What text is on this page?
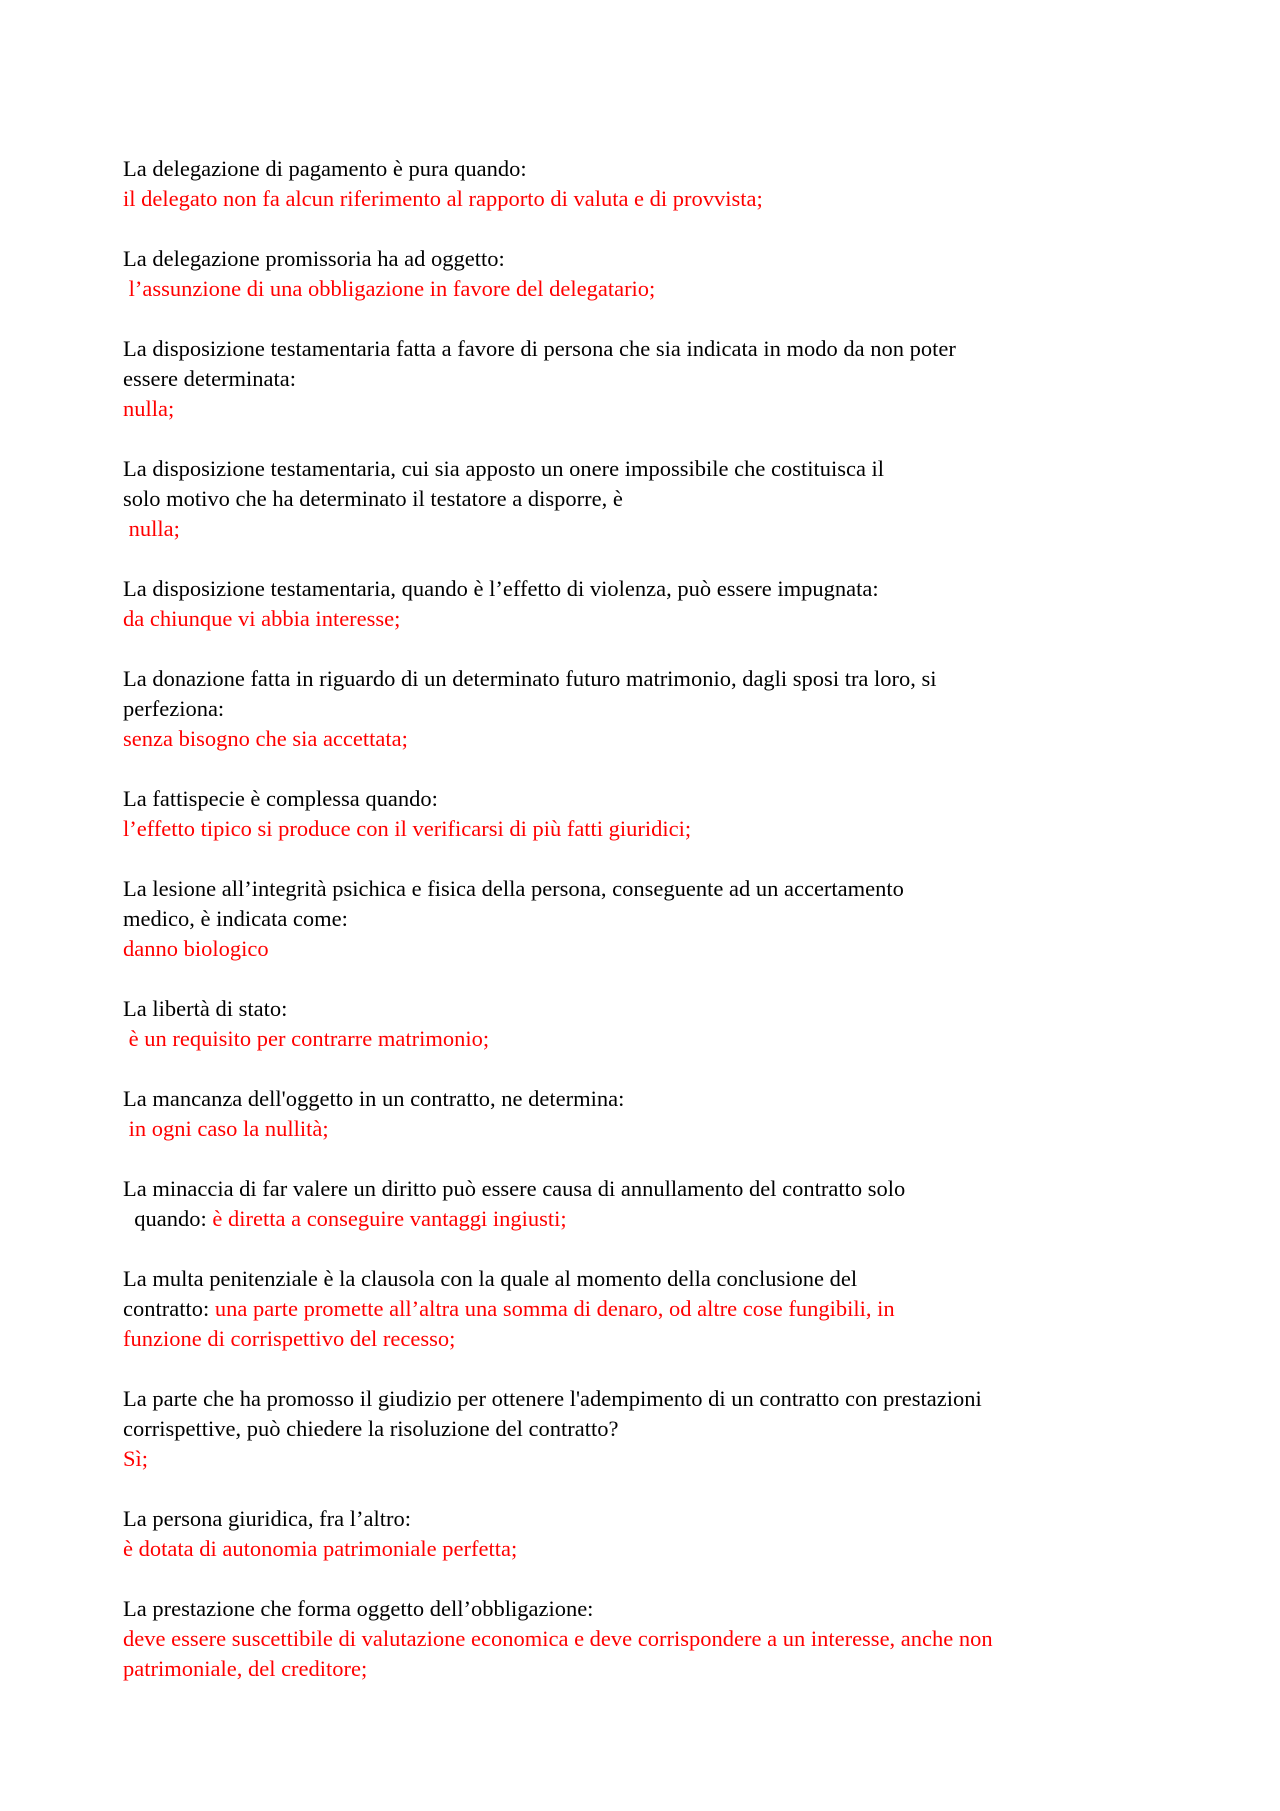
La delegazione di pagamento è pura quando:
il delegato non fa alcun riferimento al rapporto di valuta e di provvista;
La delegazione promissoria ha ad oggetto:
l’assunzione di una obbligazione in favore del delegatario;
La disposizione testamentaria fatta a favore di persona che sia indicata in modo da non poter
essere determinata:
nulla;
La disposizione testamentaria, cui sia apposto un onere impossibile che costituisca il
solo motivo che ha determinato il testatore a disporre, è
nulla;
La disposizione testamentaria, quando è l’effetto di violenza, può essere impugnata:
da chiunque vi abbia interesse;
La donazione fatta in riguardo di un determinato futuro matrimonio, dagli sposi tra loro, si
perfeziona:
senza bisogno che sia accettata;
La fattispecie è complessa quando:
l’effetto tipico si produce con il verificarsi di più fatti giuridici;
La lesione all’integrità psichica e fisica della persona, conseguente ad un accertamento
medico, è indicata come:
danno biologico
La libertà di stato:
è un requisito per contrarre matrimonio;
La mancanza dell'oggetto in un contratto, ne determina:
in ogni caso la nullità;
La minaccia di far valere un diritto può essere causa di annullamento del contratto solo
quando: è diretta a conseguire vantaggi ingiusti;
La multa penitenziale è la clausola con la quale al momento della conclusione del
contratto: una parte promette all’altra una somma di denaro, od altre cose fungibili, in
funzione di corrispettivo del recesso;
La parte che ha promosso il giudizio per ottenere l'adempimento di un contratto con prestazioni
corrispettive, può chiedere la risoluzione del contratto?
Sì;
La persona giuridica, fra l’altro:
è dotata di autonomia patrimoniale perfetta;
La prestazione che forma oggetto dell’obbligazione:
deve essere suscettibile di valutazione economica e deve corrispondere a un interesse, anche non
patrimoniale, del creditore;
